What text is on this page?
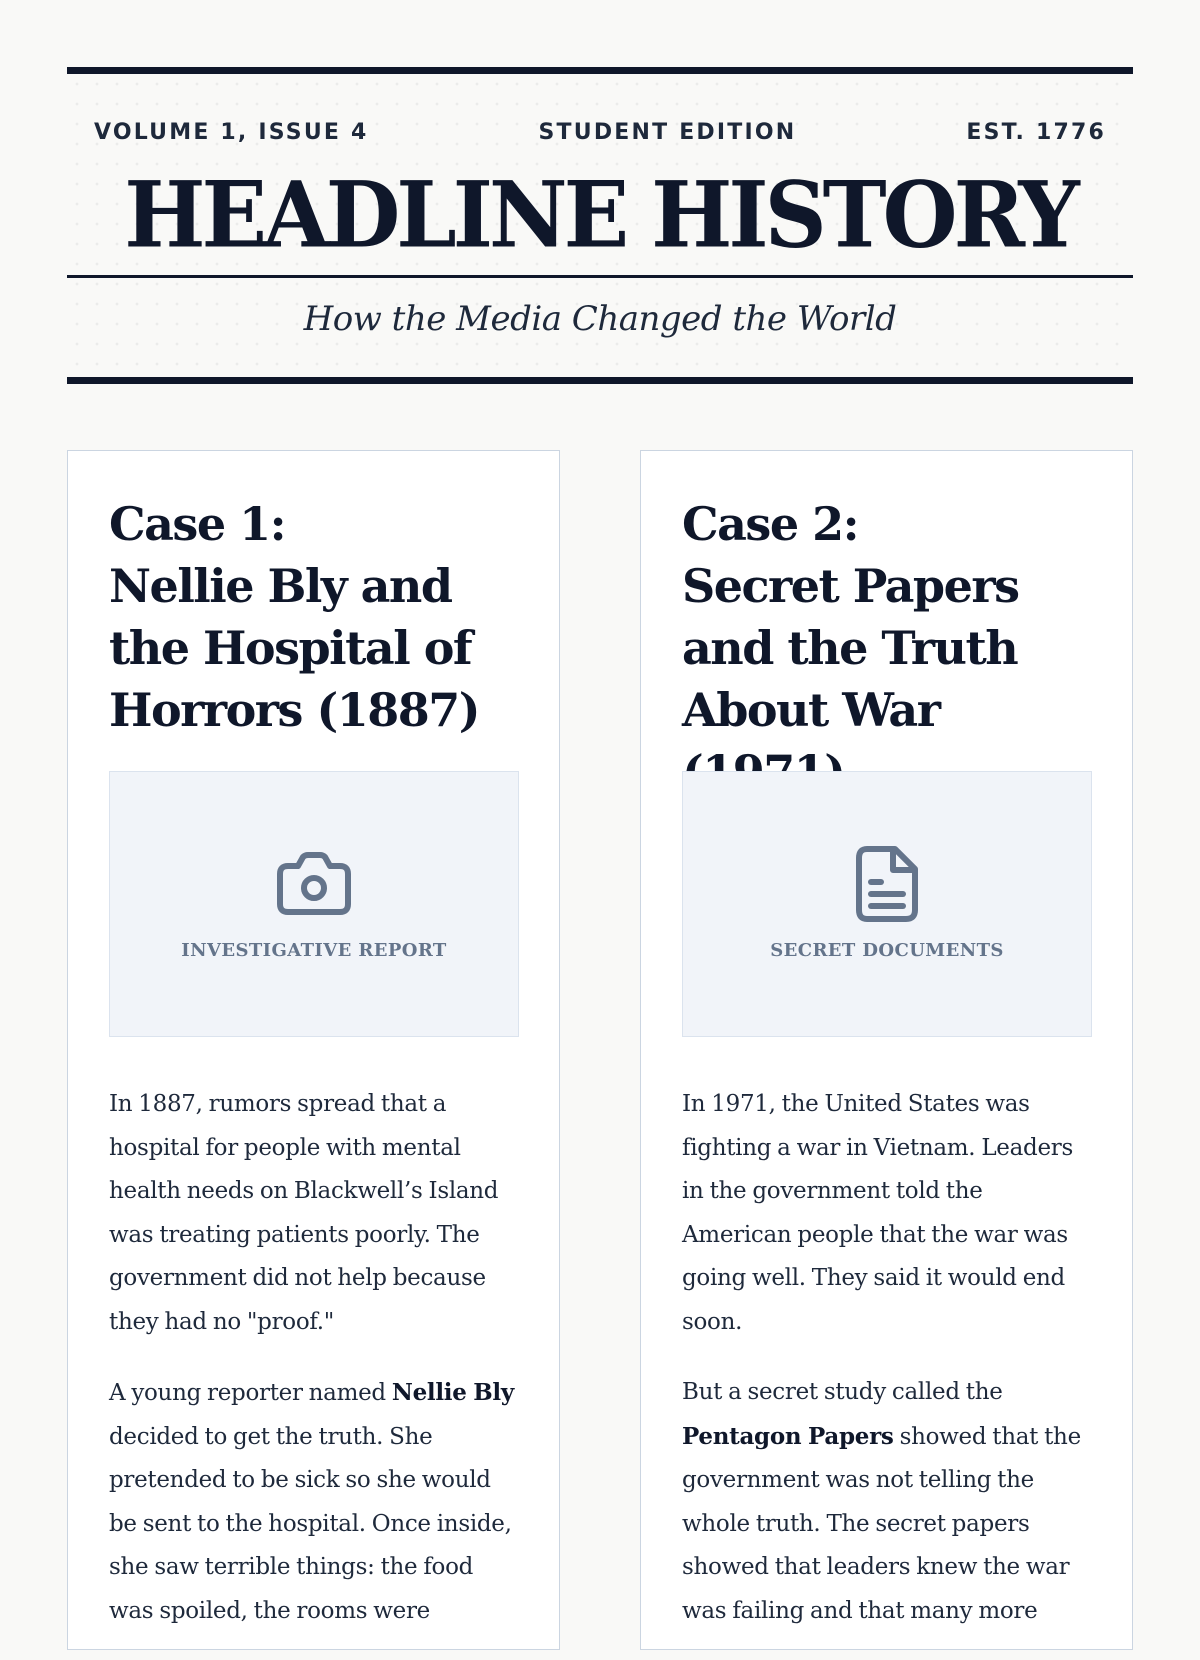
VOLUME 1, ISSUE 4	STUDENT EDITION	EST. 1776
HEADLINE HISTORY
How the Media Changed the World
Case 1:
Nellie Bly and the Hospital of Horrors (1887)
INVESTIGATIVE REPORT

In 1887, rumors spread that a hospital for people with mental health needs on Blackwell’s Island was treating patients poorly. The government did not help because they had no "proof."

A young reporter named Nellie Bly decided to get the truth. She pretended to be sick so she would be sent to the hospital. Once inside, she saw terrible things: the food was spoiled, the rooms were

Case 2:
Secret Papers and the Truth About War
SECRET DOCUMENTS

In 1971, the United States was fighting a war in Vietnam. Leaders in the government told the American people that the war was going well. They said it would end soon.

But a secret study called the Pentagon Papers showed that the government was not telling the whole truth. The secret papers showed that leaders knew the war was failing and that many more
